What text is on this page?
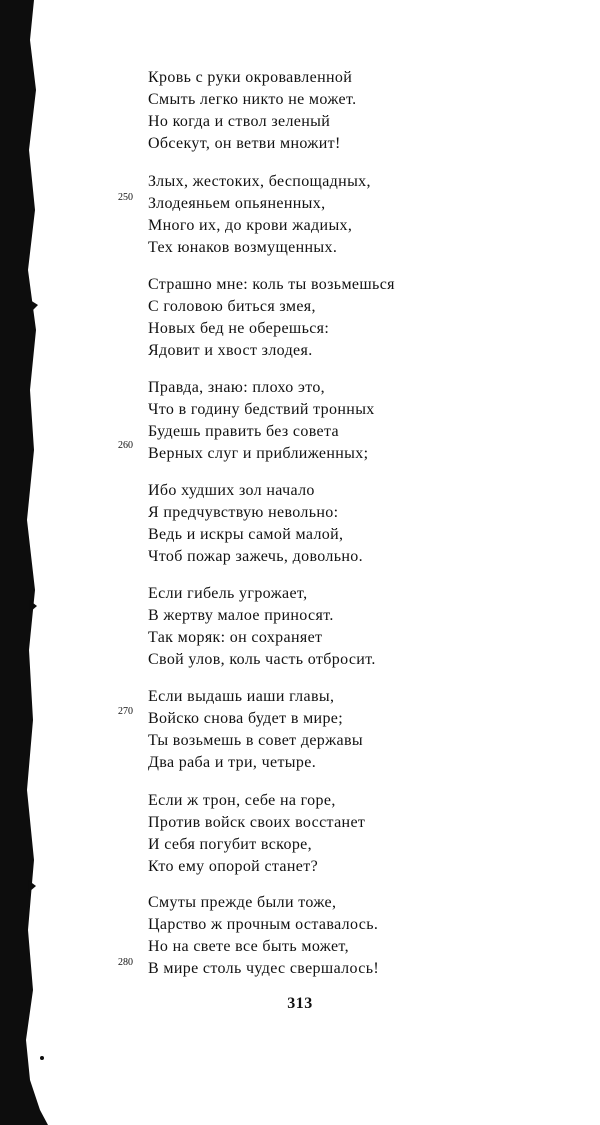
Кровь с руки окровавленной
Смыть легко никто не может.
Но когда и ствол зеленый
Обсекут, он ветви множит!
Злых, жестоких, беспощадных,
250 Злодеяньем опьяненных,
Много их, до крови жадиых,
Тех юнаков возмущенных.
Страшно мне: коль ты возьмешься
С головою биться змея,
Новых бед не оберешься:
Ядовит и хвост злодея.
Правда, знаю: плохо это,
Что в годину бедствий тронных
Будешь править без совета
260 Верных слуг и приближенных;
Ибо худших зол начало
Я предчувствую невольно:
Ведь и искры самой малой,
Чтоб пожар зажечь, довольно.
Если гибель угрожает,
В жертву малое приносят.
Так моряк: он сохраняет
Свой улов, коль часть отбросит.
Если выдашь иаши главы,
270 Войско снова будет в мире;
Ты возьмешь в совет державы
Два раба и три, четыре.
Если ж трон, себе на горе,
Против войск своих восстанет
И себя погубит вскоре,
Кто ему опорой станет?
Смуты прежде были тоже,
Царство ж прочным оставалось.
Но на свете все быть может,
280 В мире столь чудес свершалось!
313
